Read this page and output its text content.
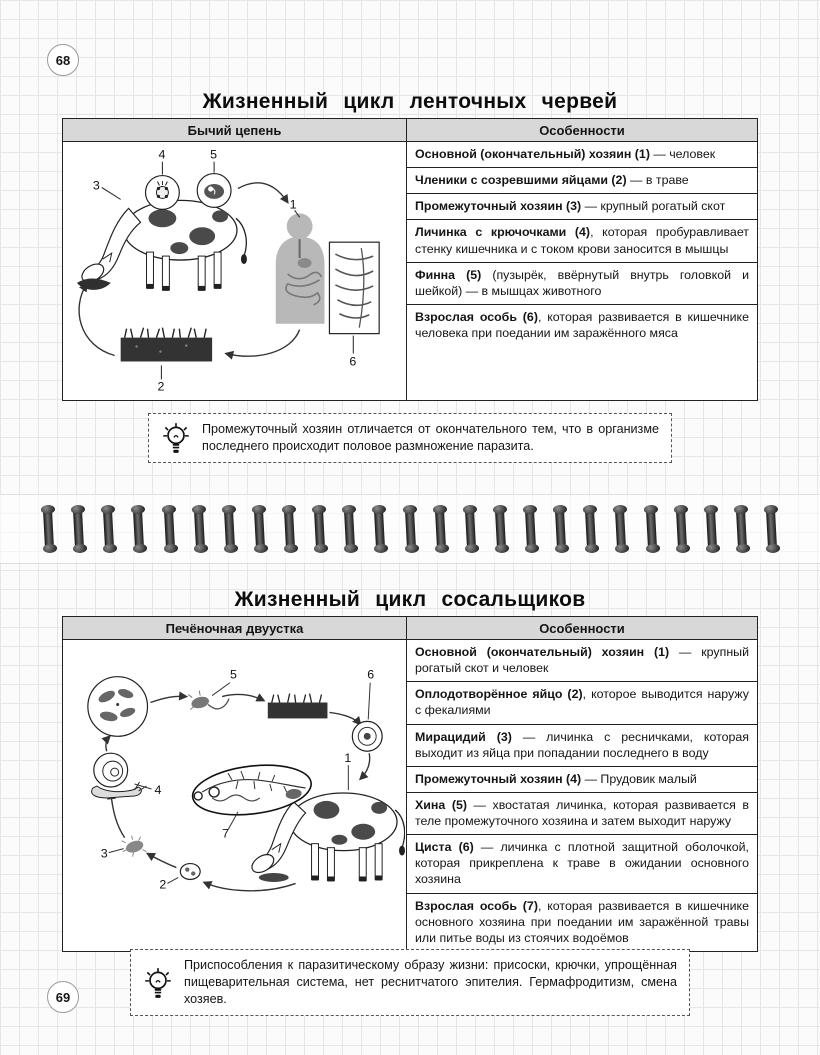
68
Жизненный цикл ленточных червей
Бычий цепень	Особенности
1
2
3
4	5
6
Основной (окончательный) хозяин (1) — человек
Членики с созревшими яйцами (2) — в траве
Промежуточный хозяин (3) — крупный рогатый скот
Личинка с крючочками (4), которая пробуравливает стенку кишечника и с током крови заносится в мышцы
Финна (5) (пузырёк, ввёрнутый внутрь головкой и шейкой) — в мышцах животного
Взрослая особь (6), которая развивается в кишечнике человека при поедании им заражённого мяса
Промежуточный хозяин отличается от окончательного тем, что в организме последнего происходит половое размножение паразита.
Жизненный цикл сосальщиков
Печёночная двуустка	Особенности
1
2
3
4
5	6
7
Основной (окончательный) хозяин (1) — крупный рогатый скот и человек
Оплодотворённое яйцо (2), которое выводится наружу с фекалиями
Мирацидий (3) — личинка с ресничками, которая выходит из яйца при попадании последнего в воду
Промежуточный хозяин (4) — Прудовик малый
Хина (5) — хвостатая личинка, которая развивается в теле промежуточного хозяина и затем выходит наружу
Циста (6) — личинка с плотной защитной оболочкой, которая прикреплена к траве в ожидании основного хозяина
Взрослая особь (7), которая развивается в кишечнике основного хозяина при поедании им заражённой травы или питье воды из стоячих водоёмов
Приспособления к паразитическому образу жизни: присоски, крючки, упрощённая пищеварительная система, нет реснитчатого эпителия. Гермафродитизм, смена хозяев.
69
